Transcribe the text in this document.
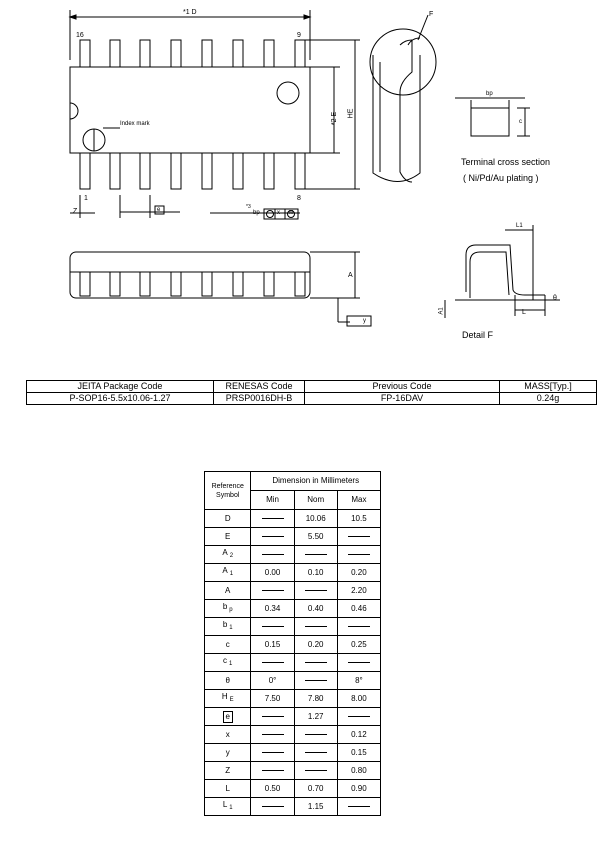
*1 D
16	9
1	8
Index mark	*2 E HE
Z	e	*3
bp	x M
F
bp
c
Terminal cross section
( Ni/Pd/Au plating )
A
y
L1
L
A1
θ
Detail F
JEITA Package Code	RENESAS Code	Previous Code	MASS[Typ.]
P-SOP16-5.5x10.06-1.27	PRSP0016DH-B	FP-16DAV	0.24g
Reference
Symbol	Dimension in Millimeters		
	Min	Nom	Max
D		10.06	10.5
E		5.50	
A $_2$			
A $_1$	0.00	0.10	0.20
A			2.20
b $_p$	0.34	0.40	0.46
b $_1$			
c	0.15	0.20	0.25
c $_1$			
θ	0°		8°
H $_E$	7.50	7.80	8.00
e		1.27	
x			0.12
y			0.15
Z			0.80
L	0.50	0.70	0.90
L $_1$		1.15	
